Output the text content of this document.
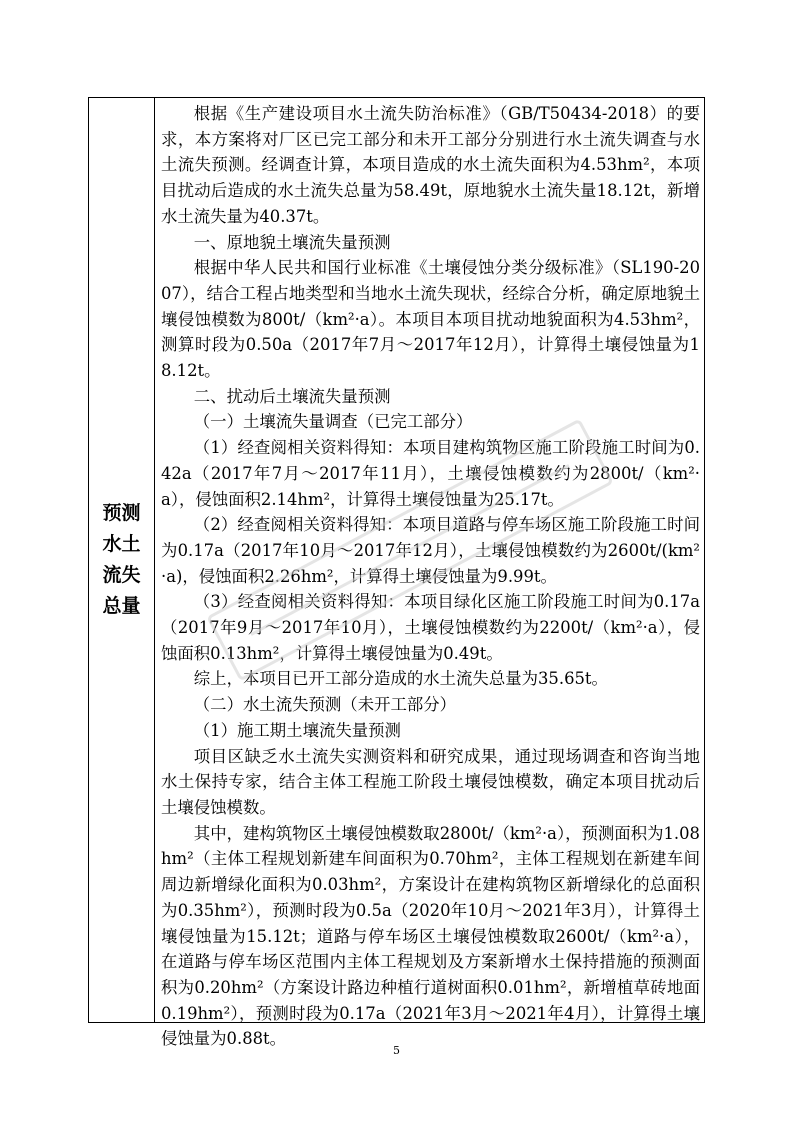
预测水土流失总量

根据《生产建设项目水土流失防治标准》（GB/T50434-2018）的要求，本方案将对厂区已完工部分和未开工部分分别进行水土流失调查与水土流失预测。经调查计算，本项目造成的水土流失面积为4.53hm²，本项目扰动后造成的水土流失总量为58.49t，原地貌水土流失量18.12t，新增水土流失量为40.37t。

一、原地貌土壤流失量预测

根据中华人民共和国行业标准《土壤侵蚀分类分级标准》（SL190-2007），结合工程占地类型和当地水土流失现状，经综合分析，确定原地貌土壤侵蚀模数为800t/（km²·a）。本项目本项目扰动地貌面积为4.53hm²，测算时段为0.50a（2017年7月～2017年12月），计算得土壤侵蚀量为18.12t。

二、扰动后土壤流失量预测

（一）土壤流失量调查（已完工部分）

（1）经查阅相关资料得知：本项目建构筑物区施工阶段施工时间为0.42a（2017年7月～2017年11月），土壤侵蚀模数约为2800t/（km²·a），侵蚀面积2.14hm²，计算得土壤侵蚀量为25.17t。

（2）经查阅相关资料得知：本项目道路与停车场区施工阶段施工时间为0.17a（2017年10月～2017年12月），土壤侵蚀模数约为2600t/(km²·a)，侵蚀面积2.26hm²，计算得土壤侵蚀量为9.99t。

（3）经查阅相关资料得知：本项目绿化区施工阶段施工时间为0.17a（2017年9月～2017年10月），土壤侵蚀模数约为2200t/（km²·a），侵蚀面积0.13hm²，计算得土壤侵蚀量为0.49t。

综上，本项目已开工部分造成的水土流失总量为35.65t。

（二）水土流失预测（未开工部分）

（1）施工期土壤流失量预测

项目区缺乏水土流失实测资料和研究成果，通过现场调查和咨询当地水土保持专家，结合主体工程施工阶段土壤侵蚀模数，确定本项目扰动后土壤侵蚀模数。

其中，建构筑物区土壤侵蚀模数取2800t/（km²·a），预测面积为1.08hm²（主体工程规划新建车间面积为0.70hm²，主体工程规划在新建车间周边新增绿化面积为0.03hm²，方案设计在建构筑物区新增绿化的总面积为0.35hm²），预测时段为0.5a（2020年10月～2021年3月），计算得土壤侵蚀量为15.12t；道路与停车场区土壤侵蚀模数取2600t/（km²·a），在道路与停车场区范围内主体工程规划及方案新增水土保持措施的预测面积为0.20hm²（方案设计路边种植行道树面积0.01hm²，新增植草砖地面0.19hm²），预测时段为0.17a（2021年3月～2021年4月），计算得土壤侵蚀量为0.88t。

5
